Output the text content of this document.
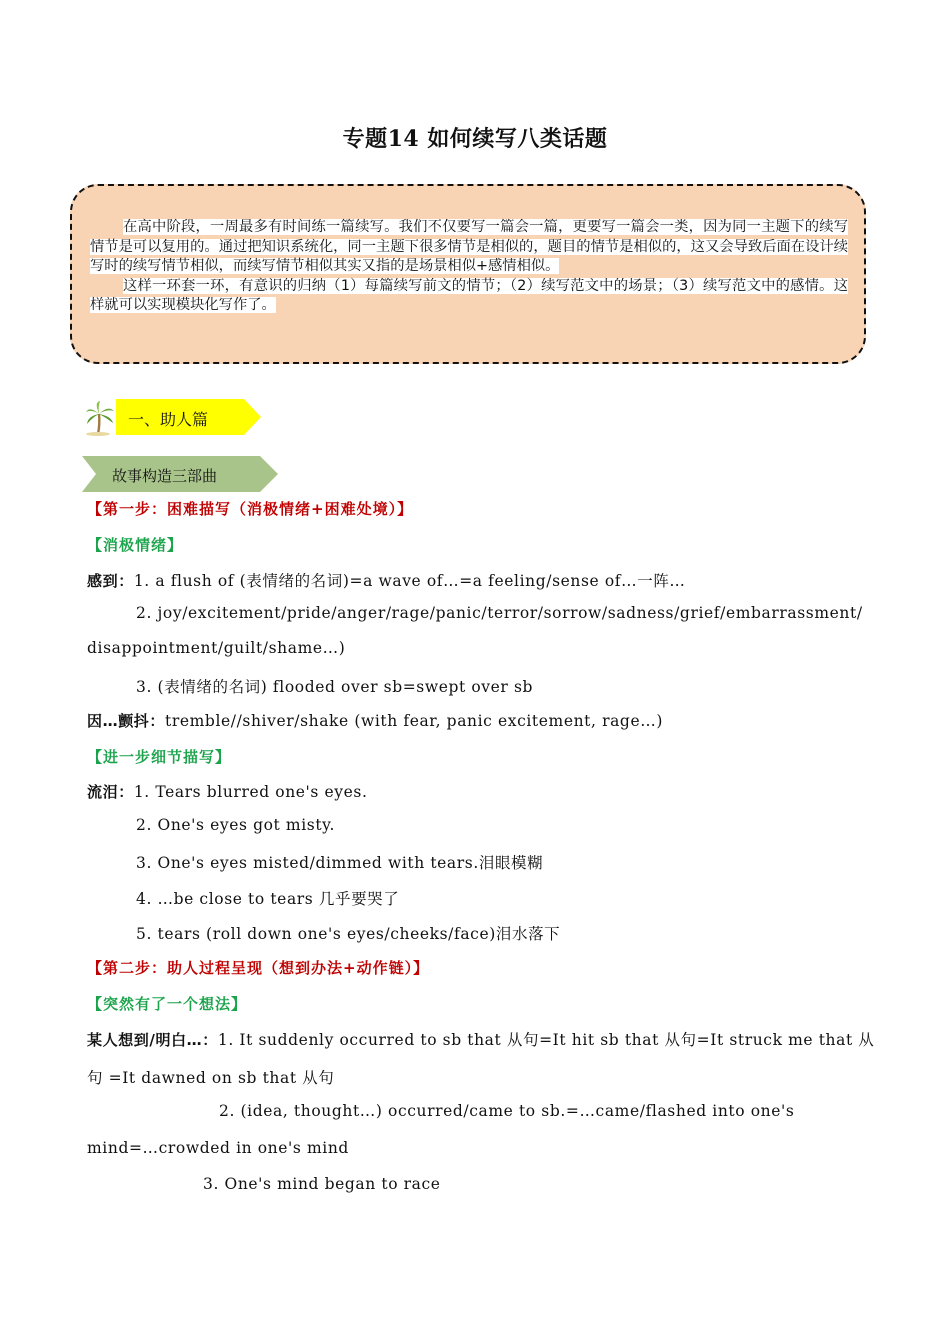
专题14 如何续写八类话题

在高中阶段，一周最多有时间练一篇续写。我们不仅要写一篇会一篇，更要写一篇会一类，因为同一主题下的续写情节是可以复用的。通过把知识系统化，同一主题下很多情节是相似的，题目的情节是相似的，这又会导致后面在设计续写时的续写情节相似，而续写情节相似其实又指的是场景相似+感情相似。

这样一环套一环，有意识的归纳（1）每篇续写前文的情节；（2）续写范文中的场景；（3）续写范文中的感情。这样就可以实现模块化写作了。

一、助人篇
故事构造三部曲
【第一步：困难描写（消极情绪+困难处境）】
【消极情绪】
感到：1. a flush of (表情绪的名词)=a wave of…=a feeling/sense of…一阵…
2. joy/excitement/pride/anger/rage/panic/terror/sorrow/sadness/grief/embarrassment/
disappointment/guilt/shame…)
3. (表情绪的名词) flooded over sb=swept over sb
因…颤抖：tremble//shiver/shake (with fear, panic excitement, rage…)
【进一步细节描写】
流泪：1. Tears blurred one's eyes.
2. One's eyes got misty.
3. One's eyes misted/dimmed with tears.泪眼模糊
4. …be close to tears 几乎要哭了
5. tears (roll down one's eyes/cheeks/face)泪水落下
【第二步：助人过程呈现（想到办法+动作链）】
【突然有了一个想法】
某人想到/明白…：1. It suddenly occurred to sb that 从句=It hit sb that 从句=It struck me that 从
句 =It dawned on sb that 从句
2. (idea, thought…) occurred/came to sb.=…came/flashed into one's
mind=…crowded in one's mind
3. One's mind began to race
